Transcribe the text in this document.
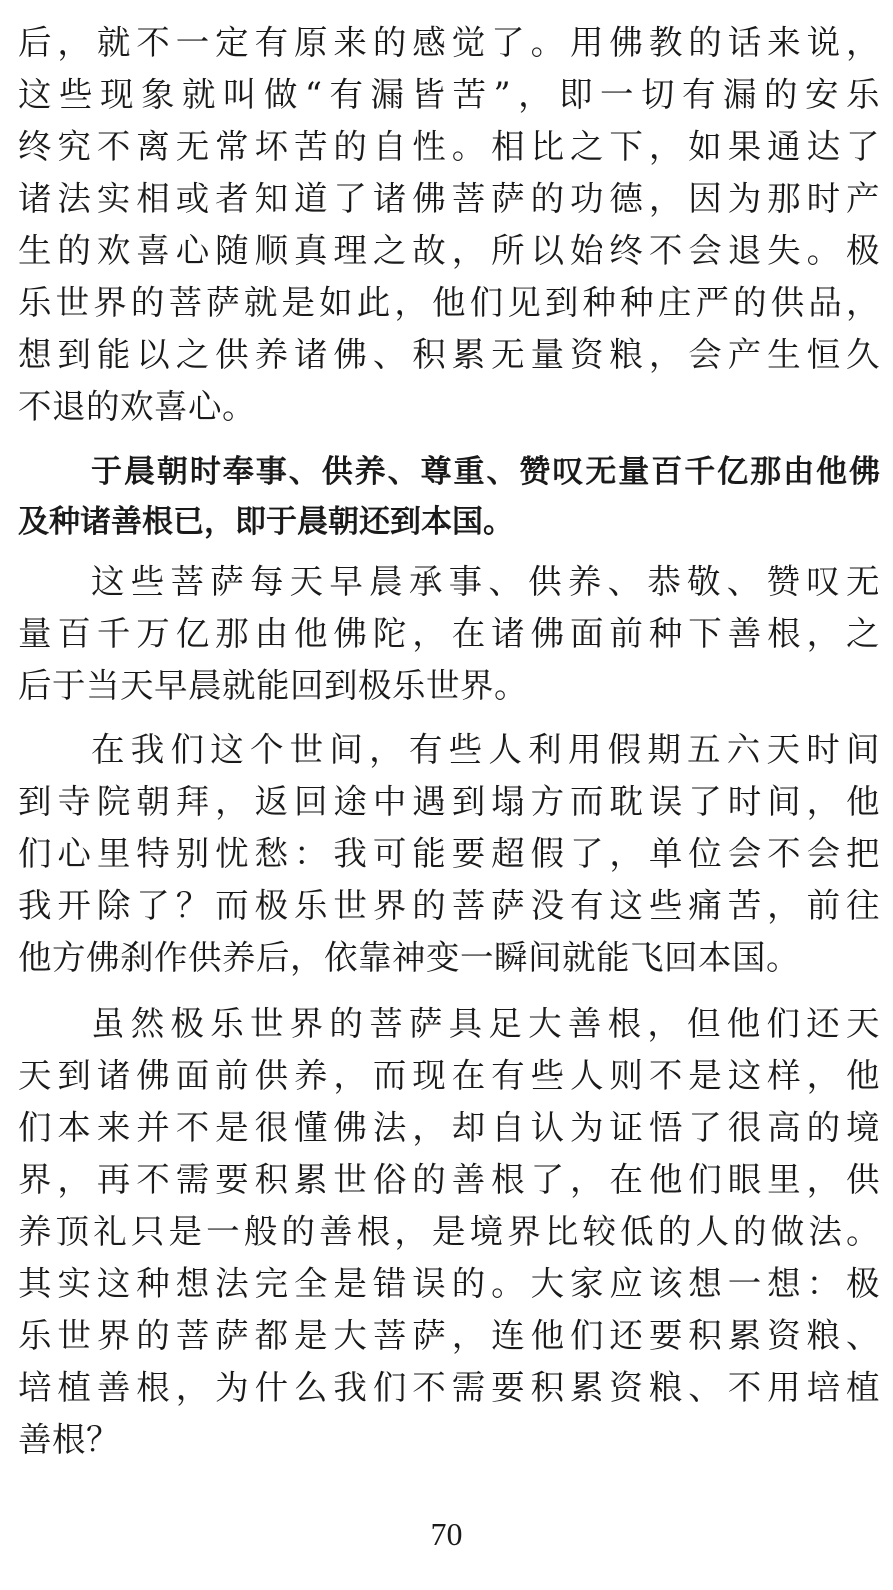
后，就不一定有原来的感觉了。用佛教的话来说，
这些现象就叫做“有漏皆苦”，即一切有漏的安乐
终究不离无常坏苦的自性。相比之下，如果通达了
诸法实相或者知道了诸佛菩萨的功德，因为那时产
生的欢喜心随顺真理之故，所以始终不会退失。极
乐世界的菩萨就是如此，他们见到种种庄严的供品，
想到能以之供养诸佛、积累无量资粮，会产生恒久
不退的欢喜心。
于晨朝时奉事、供养、尊重、赞叹无量百千亿那由他佛
及种诸善根已，即于晨朝还到本国。
这些菩萨每天早晨承事、供养、恭敬、赞叹无
量百千万亿那由他佛陀，在诸佛面前种下善根，之
后于当天早晨就能回到极乐世界。
在我们这个世间，有些人利用假期五六天时间
到寺院朝拜，返回途中遇到塌方而耽误了时间，他
们心里特别忧愁：我可能要超假了，单位会不会把
我开除了？而极乐世界的菩萨没有这些痛苦，前往
他方佛刹作供养后，依靠神变一瞬间就能飞回本国。
虽然极乐世界的菩萨具足大善根，但他们还天
天到诸佛面前供养，而现在有些人则不是这样，他
们本来并不是很懂佛法，却自认为证悟了很高的境
界，再不需要积累世俗的善根了，在他们眼里，供
养顶礼只是一般的善根，是境界比较低的人的做法。
其实这种想法完全是错误的。大家应该想一想：极
乐世界的菩萨都是大菩萨，连他们还要积累资粮、
培植善根，为什么我们不需要积累资粮、不用培植
善根？
70
